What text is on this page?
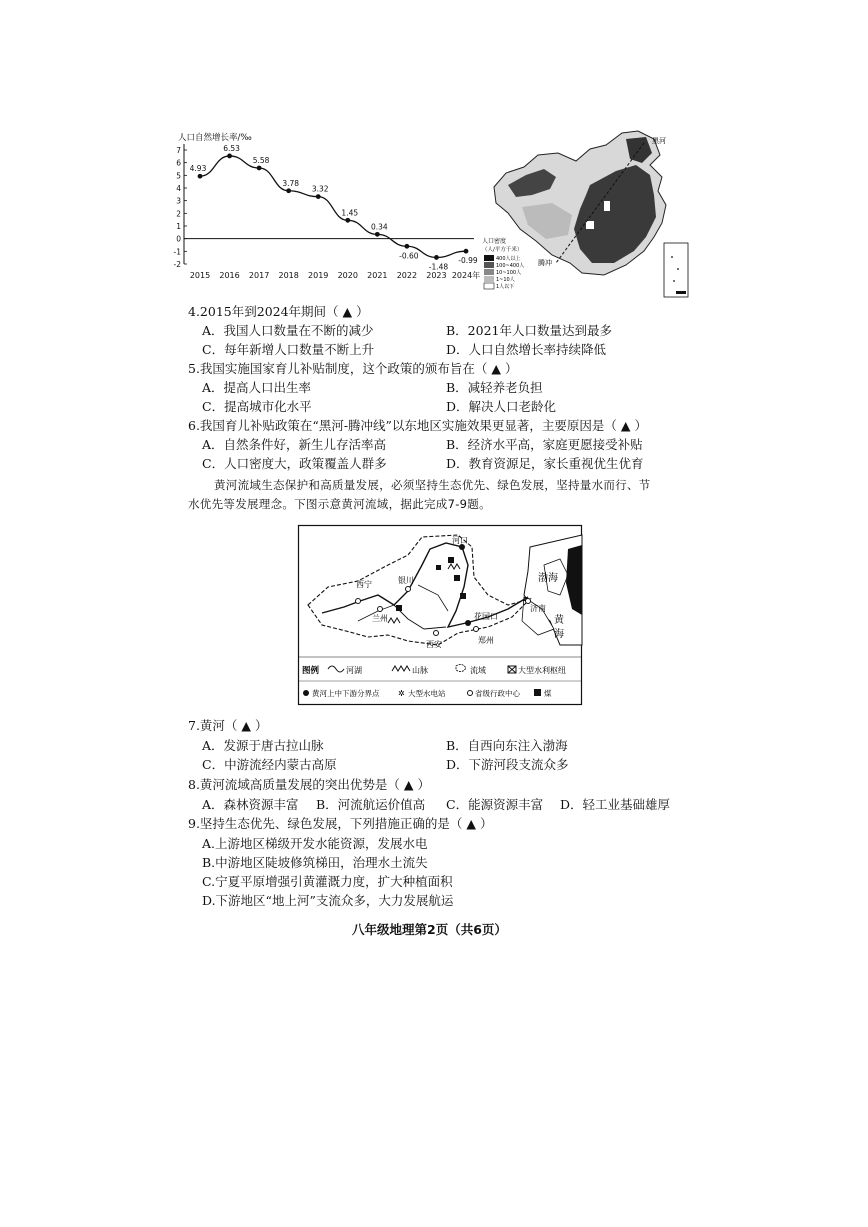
人口自然增长率/‰
-2
-1
0
1
2
3
4
5
6
7
2015 2016 2017 2018 2019 2020 2021 2022 2023 2024年
4.93
6.53
5.58
3.78
3.32
1.45
0.34
-0.60
-1.48
-0.99
黑河
腾冲
人口密度
（人/平方千米）
400人以上
100~400人
10~100人
1~10人
1人以下
4.2015年到2024年期间（ ▲ ）
A．我国人口数量在不断的减少	B．2021年人口数量达到最多
C．每年新增人口数量不断上升	D．人口自然增长率持续降低
5.我国实施国家育儿补贴制度，这个政策的颁布旨在（ ▲ ）
A．提高人口出生率	B．减轻养老负担
C．提高城市化水平	D．解决人口老龄化
6.我国育儿补贴政策在“黑河-腾冲线”以东地区实施效果更显著，主要原因是（ ▲ ）
A．自然条件好，新生儿存活率高	B．经济水平高，家庭更愿接受补贴
C．人口密度大，政策覆盖人群多	D．教育资源足，家长重视优生优育
黄河流域生态保护和高质量发展，必须坚持生态优先、绿色发展，坚持量水而行、节
水优先等发展理念。下图示意黄河流域，据此完成7-9题。
河口
西宁	银川
兰州
西安
花园口
郑州
济南
渤海
黄
海
图例	河湖	山脉	流域	大型水利枢纽
黄河上中下游分界点 ✲ 大型水电站	省级行政中心	煤
7.黄河（ ▲ ）
A．发源于唐古拉山脉	B．自西向东注入渤海
C．中游流经内蒙古高原	D．下游河段支流众多
8.黄河流域高质量发展的突出优势是（ ▲ ）
A．森林资源丰富 B．河流航运价值高 C．能源资源丰富 D．轻工业基础雄厚
9.坚持生态优先、绿色发展，下列措施正确的是（ ▲ ）
A.上游地区梯级开发水能资源，发展水电
B.中游地区陡坡修筑梯田，治理水土流失
C.宁夏平原增强引黄灌溉力度，扩大种植面积
D.下游地区“地上河”支流众多，大力发展航运
八年级地理第2页（共6页）
